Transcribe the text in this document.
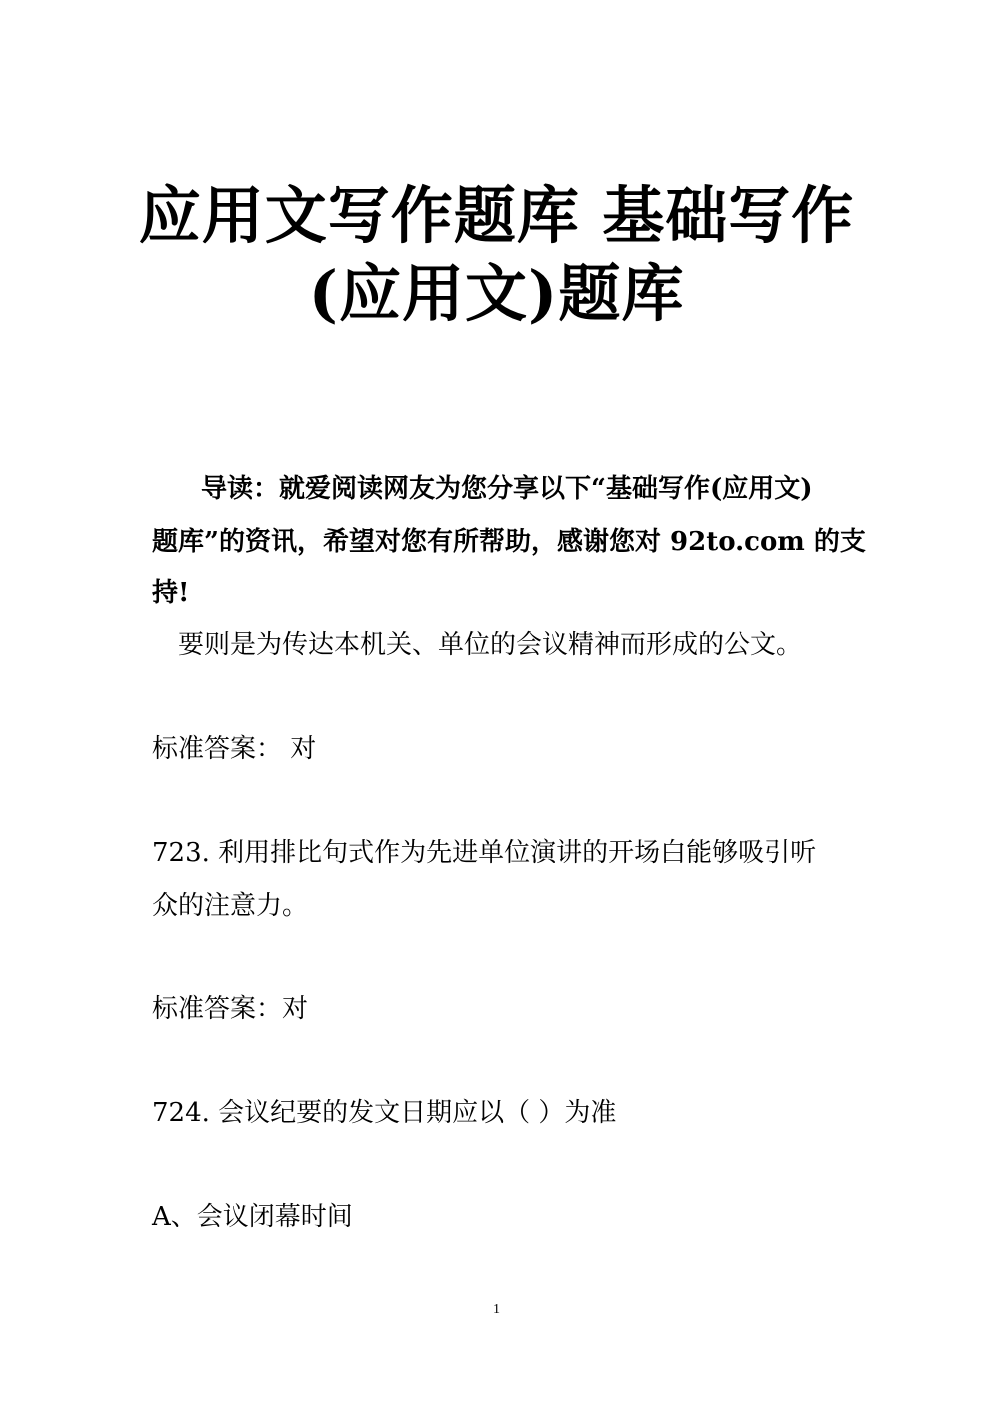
应用文写作题库 基础写作
(应用文)题库
导读：就爱阅读网友为您分享以下“基础写作(应用文)
题库”的资讯，希望对您有所帮助，感谢您对 92to.com 的支
持!
要则是为传达本机关、单位的会议精神而形成的公文。
标准答案： 对
723. 利用排比句式作为先进单位演讲的开场白能够吸引听
众的注意力。
标准答案：对
724. 会议纪要的发文日期应以（ ）为准
A、会议闭幕时间
1
